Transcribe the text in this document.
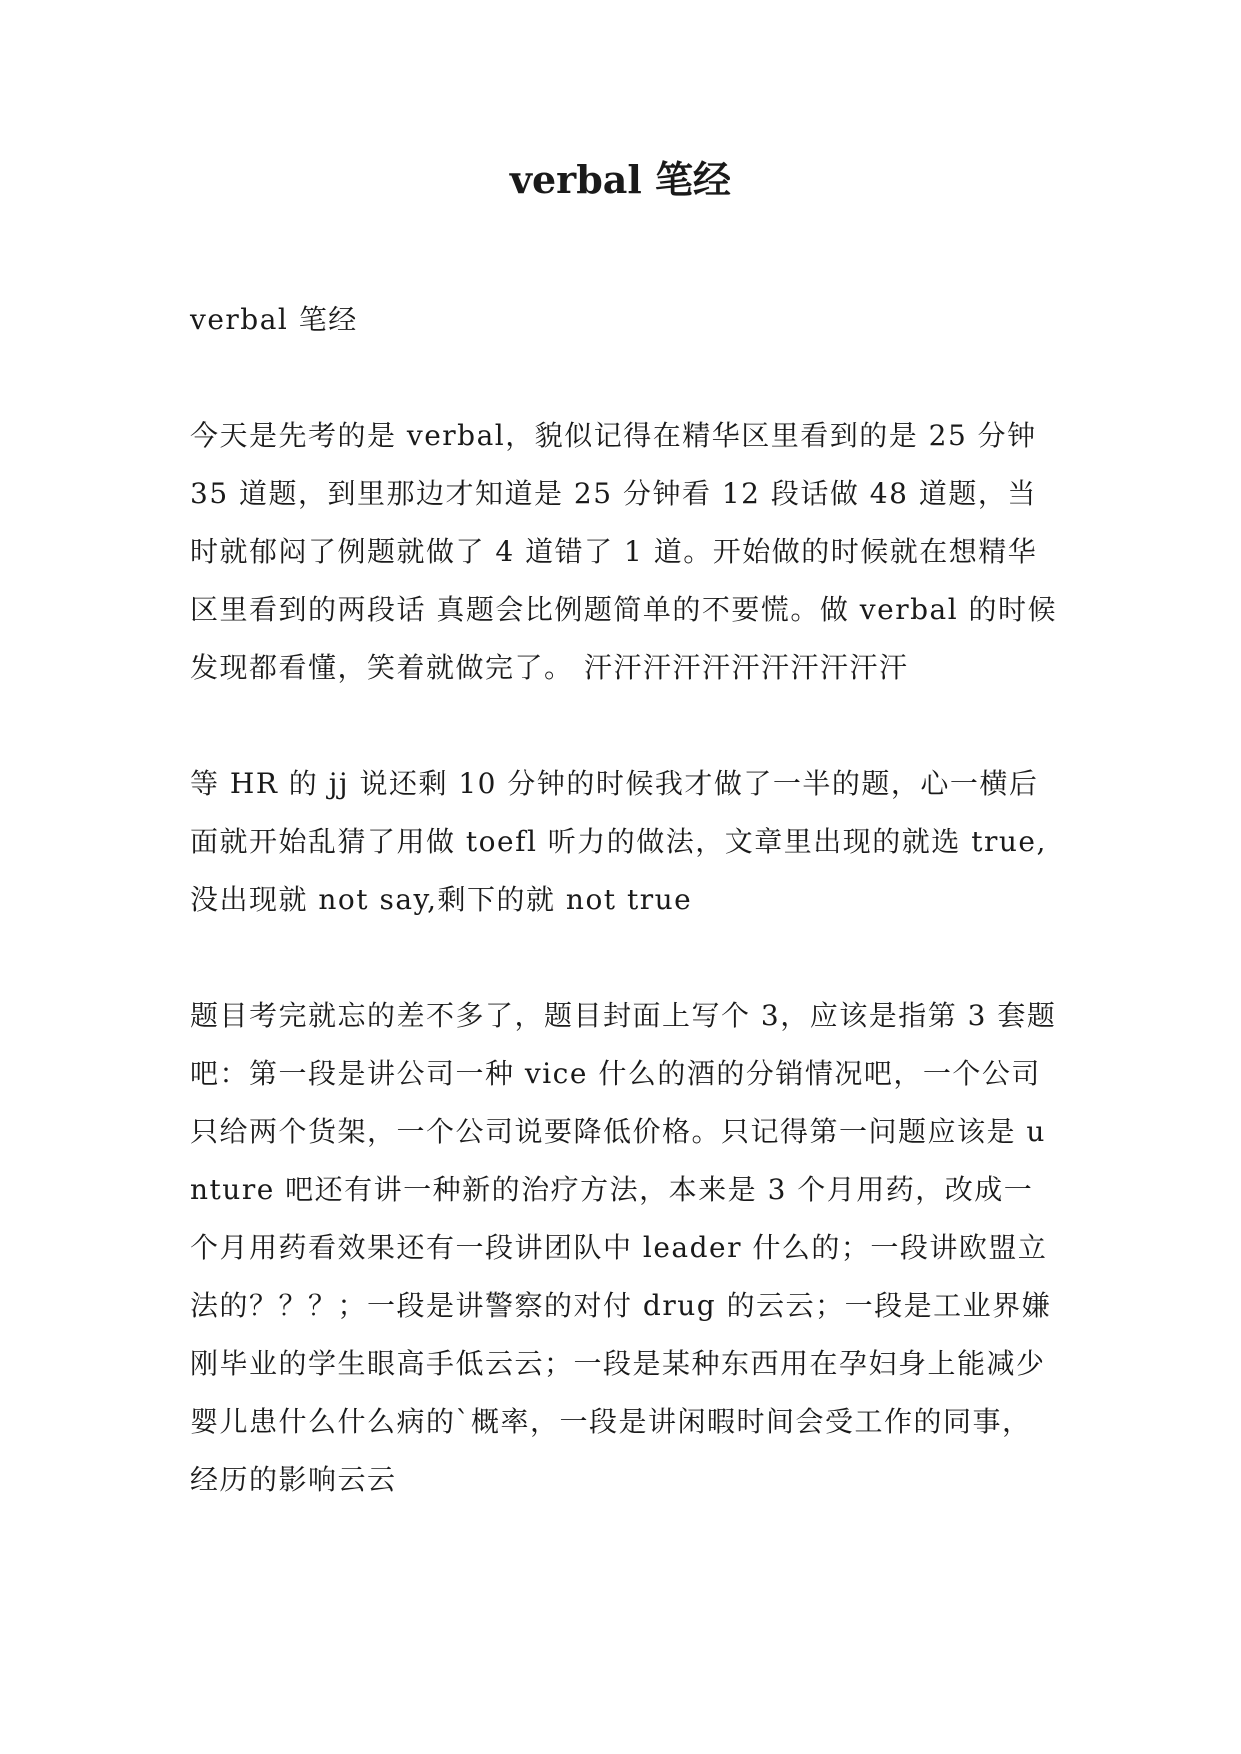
verbal 笔经

verbal 笔经

今天是先考的是 verbal，貌似记得在精华区里看到的是 25 分钟 35 道题，到里那边才知道是 25 分钟看 12 段话做 48 道题，当时就郁闷了例题就做了 4 道错了 1 道。开始做的时候就在想精华区里看到的两段话 真题会比例题简单的不要慌。做 verbal 的时候发现都看懂，笑着就做完了。 汗汗汗汗汗汗汗汗汗汗汗

等 HR 的 jj 说还剩 10 分钟的时候我才做了一半的题，心一横后面就开始乱猜了用做 toefl 听力的做法，文章里出现的就选 true,没出现就 not say,剩下的就 not true

题目考完就忘的差不多了，题目封面上写个 3，应该是指第 3 套题吧：第一段是讲公司一种 vice 什么的酒的分销情况吧，一个公司只给两个货架，一个公司说要降低价格。只记得第一问题应该是 unture 吧还有讲一种新的治疗方法，本来是 3 个月用药，改成一个月用药看效果还有一段讲团队中 leader 什么的；一段讲欧盟立法的？？？；一段是讲警察的对付 drug 的云云；一段是工业界嫌刚毕业的学生眼高手低云云；一段是某种东西用在孕妇身上能减少婴儿患什么什么病的`概率，一段是讲闲暇时间会受工作的同事，经历的影响云云
